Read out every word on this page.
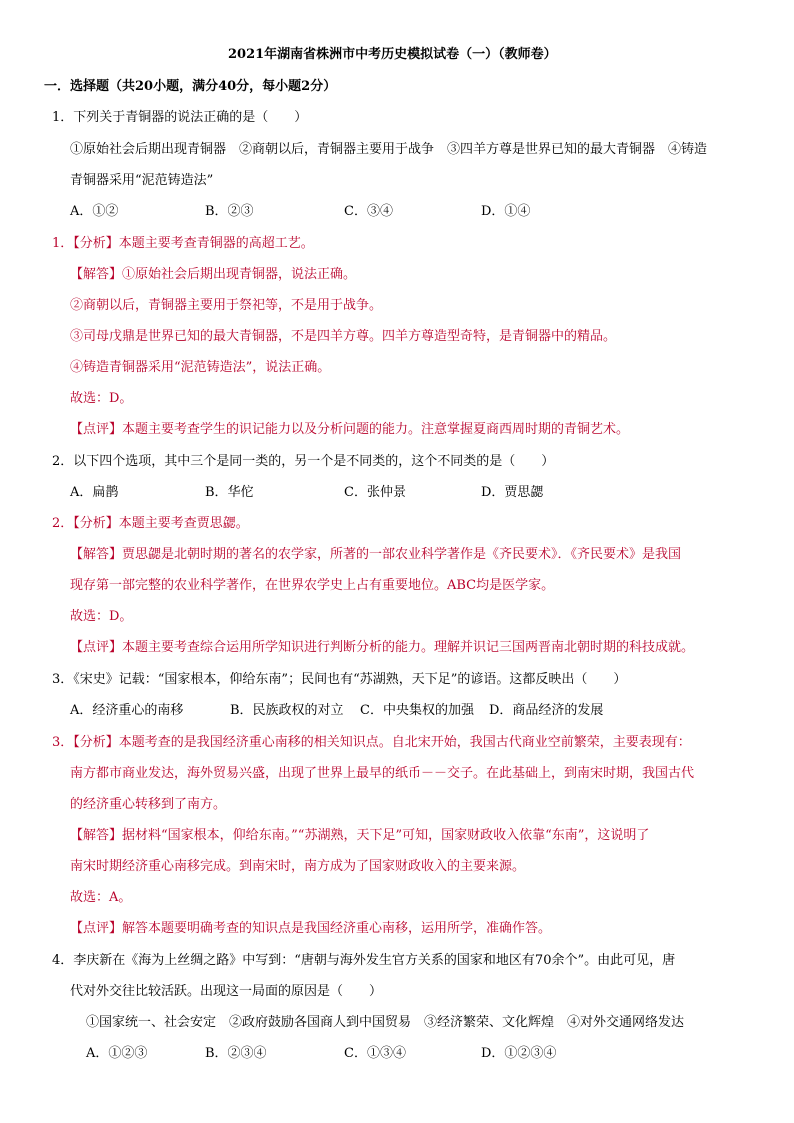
2021年湖南省株洲市中考历史模拟试卷（一）（教师卷）
一．选择题（共20小题，满分40分，每小题2分）
1．下列关于青铜器的说法正确的是（　　）
①原始社会后期出现青铜器　②商朝以后，青铜器主要用于战争　③四羊方尊是世界已知的最大青铜器　④铸造
青铜器采用“泥范铸造法”
A．①②	B．②③	C．③④	D．①④
1．【分析】本题主要考查青铜器的高超工艺。
【解答】①原始社会后期出现青铜器，说法正确。
②商朝以后，青铜器主要用于祭祀等，不是用于战争。
③司母戊鼎是世界已知的最大青铜器，不是四羊方尊。四羊方尊造型奇特，是青铜器中的精品。
④铸造青铜器采用“泥范铸造法”，说法正确。
故选：D。
【点评】本题主要考查学生的识记能力以及分析问题的能力。注意掌握夏商西周时期的青铜艺术。
2．以下四个选项，其中三个是同一类的，另一个是不同类的，这个不同类的是（　　）
A．扁鹊	B．华佗	C．张仲景	D．贾思勰
2．【分析】本题主要考查贾思勰。
【解答】贾思勰是北朝时期的著名的农学家，所著的一部农业科学著作是《齐民要术》．《齐民要术》是我国
现存第一部完整的农业科学著作，在世界农学史上占有重要地位。ABC均是医学家。
故选：D。
【点评】本题主要考查综合运用所学知识进行判断分析的能力。理解并识记三国两晋南北朝时期的科技成就。
3．《宋史》记载：“国家根本，仰给东南”；民间也有“苏湖熟，天下足”的谚语。这都反映出（　　）
A．经济重心的南移	B．民族政权的对立 C．中央集权的加强 D．商品经济的发展
3．【分析】本题考查的是我国经济重心南移的相关知识点。自北宋开始，我国古代商业空前繁荣，主要表现有：
南方都市商业发达，海外贸易兴盛，出现了世界上最早的纸币－－交子。在此基础上，到南宋时期，我国古代
的经济重心转移到了南方。
【解答】据材料“国家根本，仰给东南。”“苏湖熟，天下足”可知，国家财政收入依靠“东南”，这说明了
南宋时期经济重心南移完成。到南宋时，南方成为了国家财政收入的主要来源。
故选：A。
【点评】解答本题要明确考查的知识点是我国经济重心南移，运用所学，准确作答。
4．李庆新在《海为上丝绸之路》中写到：“唐朝与海外发生官方关系的国家和地区有70余个”。由此可见，唐
代对外交往比较活跃。出现这一局面的原因是（　　）
①国家统一、社会安定　②政府鼓励各国商人到中国贸易　③经济繁荣、文化辉煌　④对外交通网络发达
A．①②③	B．②③④	C．①③④	D．①②③④
